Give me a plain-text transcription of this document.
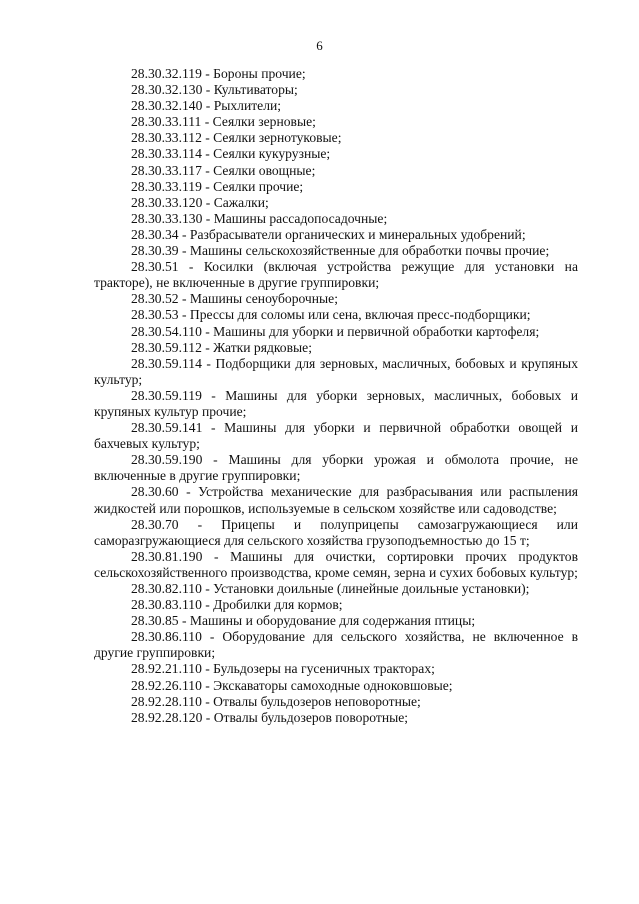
6

28.30.32.119 - Бороны прочие;

28.30.32.130 - Культиваторы;

28.30.32.140 - Рыхлители;

28.30.33.111 - Сеялки зерновые;

28.30.33.112 - Сеялки зернотуковые;

28.30.33.114 - Сеялки кукурузные;

28.30.33.117 - Сеялки овощные;

28.30.33.119 - Сеялки прочие;

28.30.33.120 - Сажалки;

28.30.33.130 - Машины рассадопосадочные;

28.30.34 - Разбрасыватели органических и минеральных удобрений;

28.30.39 - Машины сельскохозяйственные для обработки почвы прочие;

28.30.51 - Косилки (включая устройства режущие для установки на тракторе), не включенные в другие группировки;

28.30.52 - Машины сеноуборочные;

28.30.53 - Прессы для соломы или сена, включая пресс-подборщики;

28.30.54.110 - Машины для уборки и первичной обработки картофеля;

28.30.59.112 - Жатки рядковые;

28.30.59.114 - Подборщики для зерновых, масличных, бобовых и крупяных культур;

28.30.59.119 - Машины для уборки зерновых, масличных, бобовых и крупяных культур прочие;

28.30.59.141 - Машины для уборки и первичной обработки овощей и бахчевых культур;

28.30.59.190 - Машины для уборки урожая и обмолота прочие, не включенные в другие группировки;

28.30.60 - Устройства механические для разбрасывания или распыления жидкостей или порошков, используемые в сельском хозяйстве или садоводстве;

28.30.70 - Прицепы и полуприцепы самозагружающиеся или саморазгружающиеся для сельского хозяйства грузоподъемностью до 15 т;

28.30.81.190 - Машины для очистки, сортировки прочих продуктов сельскохозяйственного производства, кроме семян, зерна и сухих бобовых культур;

28.30.82.110 - Установки доильные (линейные доильные установки);

28.30.83.110 - Дробилки для кормов;

28.30.85 - Машины и оборудование для содержания птицы;

28.30.86.110 - Оборудование для сельского хозяйства, не включенное в другие группировки;

28.92.21.110 - Бульдозеры на гусеничных тракторах;

28.92.26.110 - Экскаваторы самоходные одноковшовые;

28.92.28.110 - Отвалы бульдозеров неповоротные;

28.92.28.120 - Отвалы бульдозеров поворотные;
